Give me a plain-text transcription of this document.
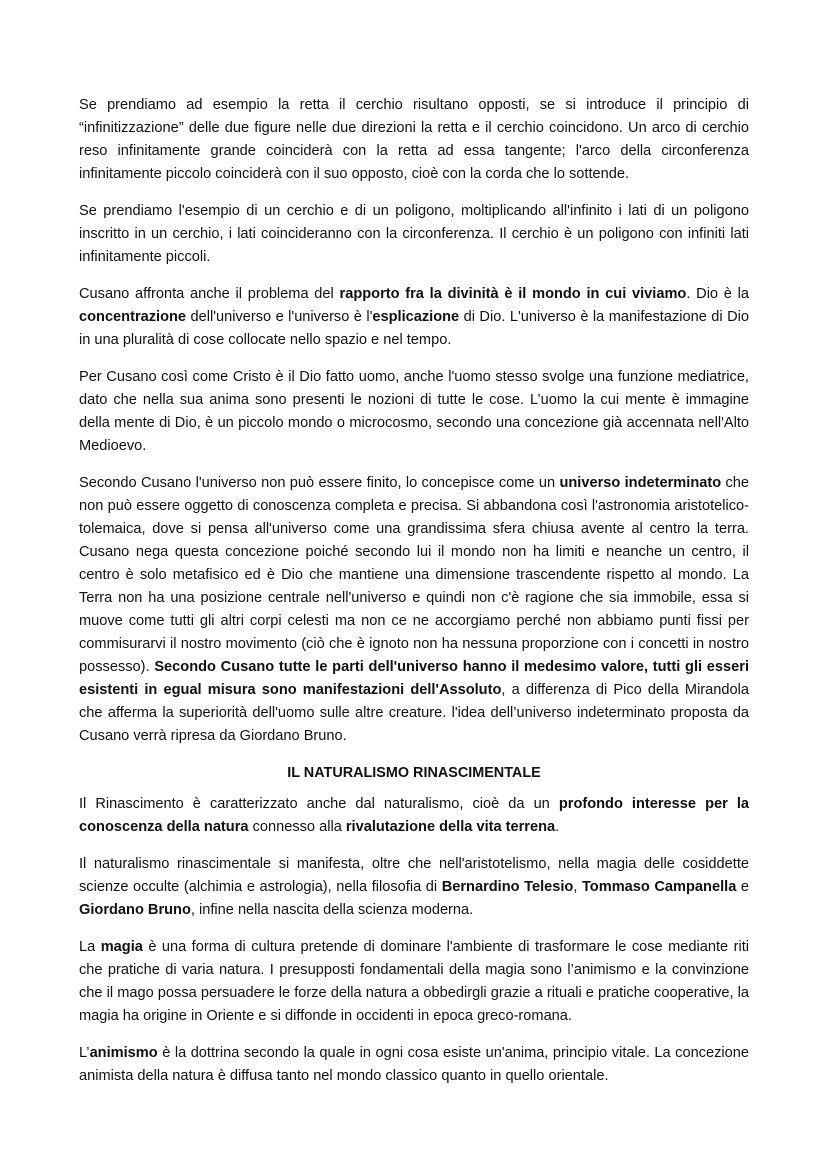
Se prendiamo ad esempio la retta il cerchio risultano opposti, se si introduce il principio di “infinitizzazione” delle due figure nelle due direzioni la retta e il cerchio coincidono. Un arco di cerchio reso infinitamente grande coinciderà con la retta ad essa tangente; l'arco della circonferenza infinitamente piccolo coinciderà con il suo opposto, cioè con la corda che lo sottende.

Se prendiamo l'esempio di un cerchio e di un poligono, moltiplicando all'infinito i lati di un poligono inscritto in un cerchio, i lati coincideranno con la circonferenza. Il cerchio è un poligono con infiniti lati infinitamente piccoli.

Cusano affronta anche il problema del rapporto fra la divinità è il mondo in cui viviamo. Dio è la concentrazione dell'universo e l'universo è l'esplicazione di Dio. L'universo è la manifestazione di Dio in una pluralità di cose collocate nello spazio e nel tempo.

Per Cusano così come Cristo è il Dio fatto uomo, anche l'uomo stesso svolge una funzione mediatrice, dato che nella sua anima sono presenti le nozioni di tutte le cose. L’uomo la cui mente è immagine della mente di Dio, è un piccolo mondo o microcosmo, secondo una concezione già accennata nell'Alto Medioevo.

Secondo Cusano l'universo non può essere finito, lo concepisce come un universo indeterminato che non può essere oggetto di conoscenza completa e precisa. Si abbandona così l'astronomia aristotelico-tolemaica, dove si pensa all'universo come una grandissima sfera chiusa avente al centro la terra. Cusano nega questa concezione poiché secondo lui il mondo non ha limiti e neanche un centro, il centro è solo metafisico ed è Dio che mantiene una dimensione trascendente rispetto al mondo. La Terra non ha una posizione centrale nell'universo e quindi non c'è ragione che sia immobile, essa si muove come tutti gli altri corpi celesti ma non ce ne accorgiamo perché non abbiamo punti fissi per commisurarvi il nostro movimento (ciò che è ignoto non ha nessuna proporzione con i concetti in nostro possesso). Secondo Cusano tutte le parti dell'universo hanno il medesimo valore, tutti gli esseri esistenti in egual misura sono manifestazioni dell'Assoluto, a differenza di Pico della Mirandola che afferma la superiorità dell'uomo sulle altre creature. l'idea dell’universo indeterminato proposta da Cusano verrà ripresa da Giordano Bruno.

IL NATURALISMO RINASCIMENTALE

Il Rinascimento è caratterizzato anche dal naturalismo, cioè da un profondo interesse per la conoscenza della natura connesso alla rivalutazione della vita terrena.

Il naturalismo rinascimentale si manifesta, oltre che nell'aristotelismo, nella magia delle cosiddette scienze occulte (alchimia e astrologia), nella filosofia di Bernardino Telesio, Tommaso Campanella e Giordano Bruno, infine nella nascita della scienza moderna.

La magia è una forma di cultura pretende di dominare l'ambiente di trasformare le cose mediante riti che pratiche di varia natura. I presupposti fondamentali della magia sono l’animismo e la convinzione che il mago possa persuadere le forze della natura a obbedirgli grazie a rituali e pratiche cooperative, la magia ha origine in Oriente e si diffonde in occidenti in epoca greco-romana.

L’animismo è la dottrina secondo la quale in ogni cosa esiste un'anima, principio vitale. La concezione animista della natura è diffusa tanto nel mondo classico quanto in quello orientale.
